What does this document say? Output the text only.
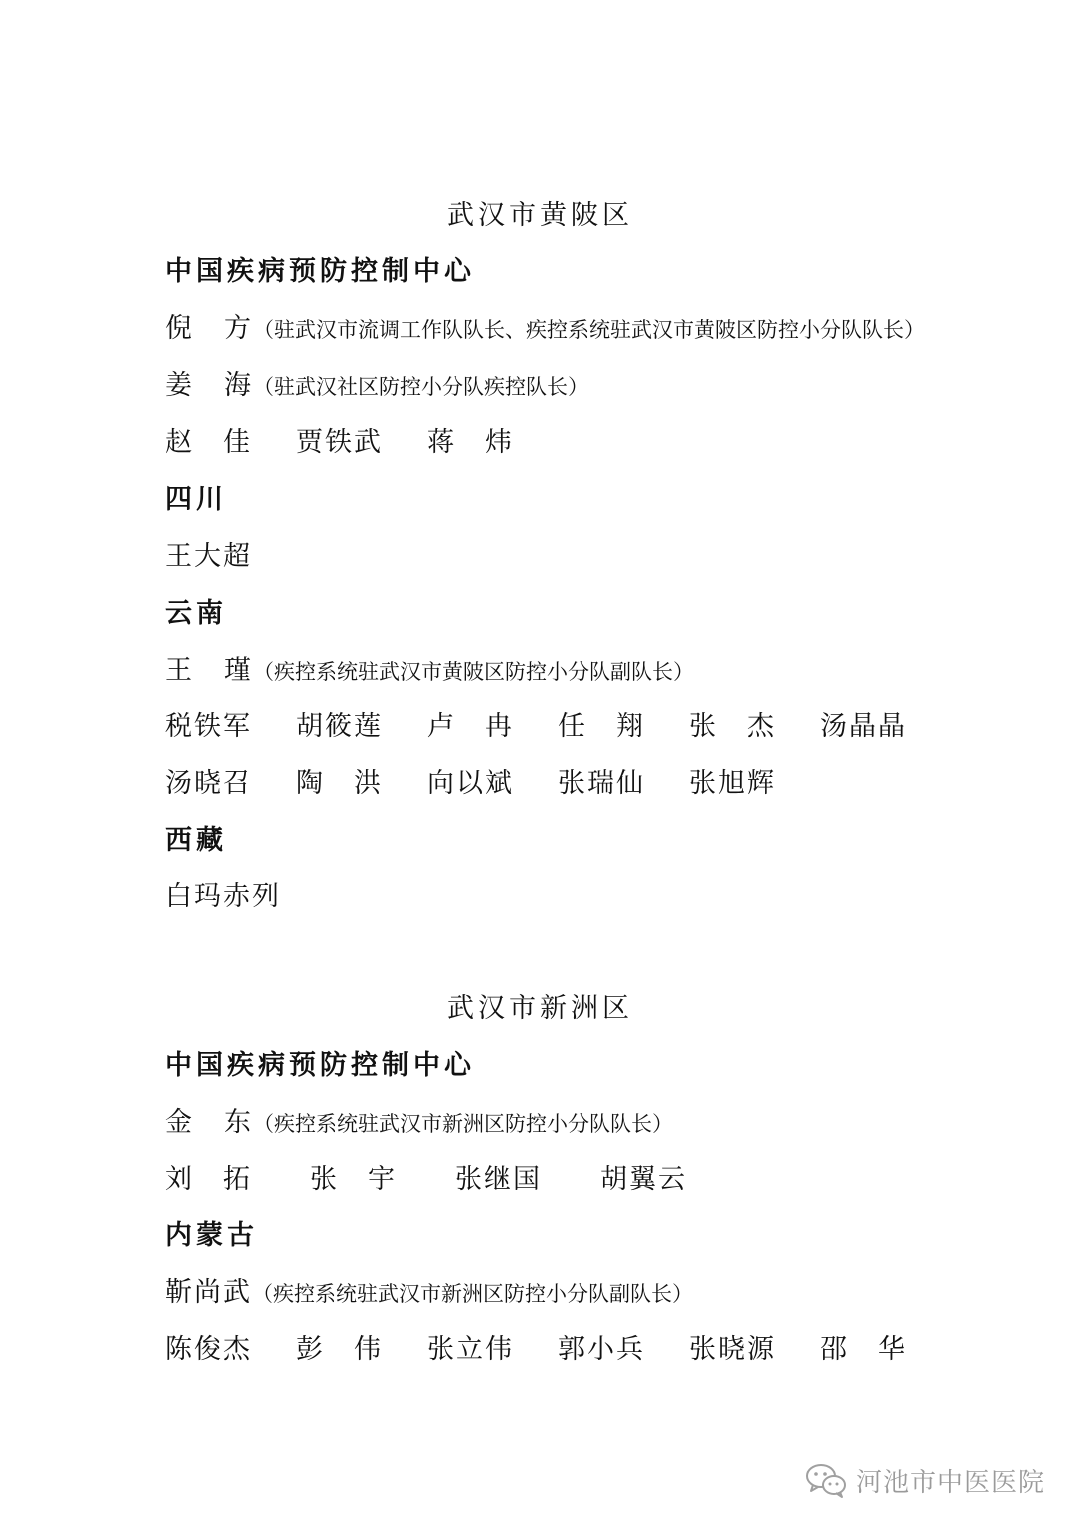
武汉市黄陂区
中国疾病预防控制中心
倪 方 （驻武汉市流调工作队队长、疾控系统驻武汉市黄陂区防控小分队队长）
姜 海 （驻武汉社区防控小分队疾控队长）
赵　佳	贾铁武	蒋　炜
四川
王大超
云南
王 瑾 （疾控系统驻武汉市黄陂区防控小分队副队长）
税铁军	胡筱莲	卢　冉	任　翔	张　杰	汤晶晶
汤晓召	陶　洪	向以斌	张瑞仙	张旭辉
西藏
白玛赤列
武汉市新洲区
中国疾病预防控制中心
金 东 （疾控系统驻武汉市新洲区防控小分队队长）
刘　拓	张　宇	张继国	胡翼云
内蒙古
靳尚武 （疾控系统驻武汉市新洲区防控小分队副队长）
陈俊杰	彭　伟	张立伟	郭小兵	张晓源	邵　华
河池市中医医院
